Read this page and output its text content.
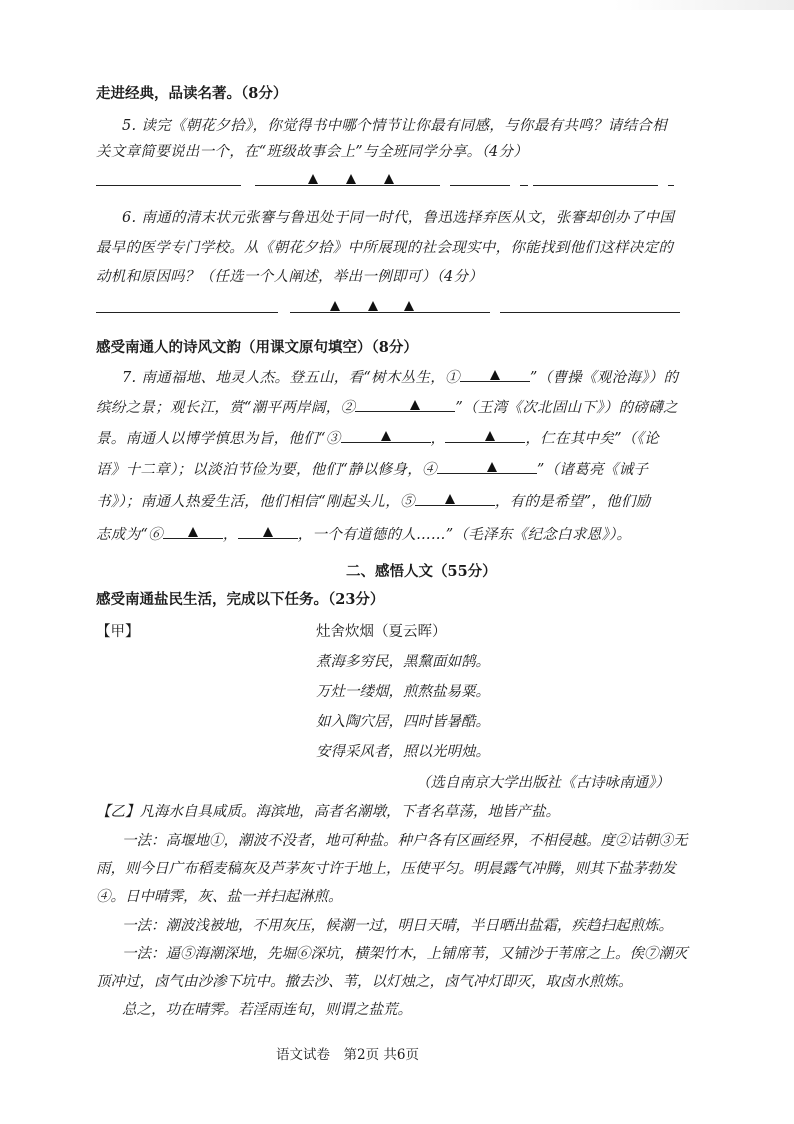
走进经典，品读名著。（8分）
5. 读完《朝花夕拾》，你觉得书中哪个情节让你最有同感，与你最有共鸣？请结合相
关文章简要说出一个，在“班级故事会上”与全班同学分享。（4分）
6. 南通的清末状元张謇与鲁迅处于同一时代，鲁迅选择弃医从文，张謇却创办了中国
最早的医学专门学校。从《朝花夕拾》中所展现的社会现实中，你能找到他们这样决定的
动机和原因吗？（任选一个人阐述，举出一例即可）（4分）
感受南通人的诗风文韵（用课文原句填空）（8分）
7. 南通福地、地灵人杰。登五山，看“树木丛生，①	”（曹操《观沧海》）的
缤纷之景；观长江，赏“潮平两岸阔，②	”（王湾《次北固山下》）的磅礴之
景。南通人以博学慎思为旨，他们“③	，	，仁在其中矣”（《论
语》十二章）；以淡泊节俭为要，他们“静以修身，④	”（诸葛亮《诫子
书》）；南通人热爱生活，他们相信“刚起头儿，⑤	，有的是希望”，他们励
志成为“⑥	，	，一个有道德的人……”（毛泽东《纪念白求恩》）。
二、感悟人文（55分）
感受南通盐民生活，完成以下任务。（23分）
【甲】	灶舍炊烟（夏云晖）
煮海多穷民，黑黧面如鹄。
万灶一缕烟，煎熬盐易粟。
如入陶穴居，四时皆暑酷。
安得采风者，照以光明烛。
（选自南京大学出版社《古诗咏南通》）
【乙】凡海水自具咸质。海滨地，高者名潮墩，下者名草荡，地皆产盐。
一法：高堰地①，潮波不没者，地可种盐。种户各有区画经界，不相侵越。度②诘朝③无
雨，则今日广布稻麦稿灰及芦茅灰寸许于地上，压使平匀。明晨露气冲腾，则其下盐茅勃发
④。日中晴霁，灰、盐一并扫起淋煎。
一法：潮波浅被地，不用灰压，候潮一过，明日天晴，半日晒出盐霜，疾趋扫起煎炼。
一法：逼⑤海潮深地，先堀⑥深坑，横架竹木，上铺席苇，又铺沙于苇席之上。俟⑦潮灭
顶冲过，卤气由沙渗下坑中。撤去沙、苇，以灯烛之，卤气冲灯即灭，取卤水煎炼。
总之，功在晴霁。若淫雨连旬，则谓之盐荒。
语文试卷　第2页 共6页
